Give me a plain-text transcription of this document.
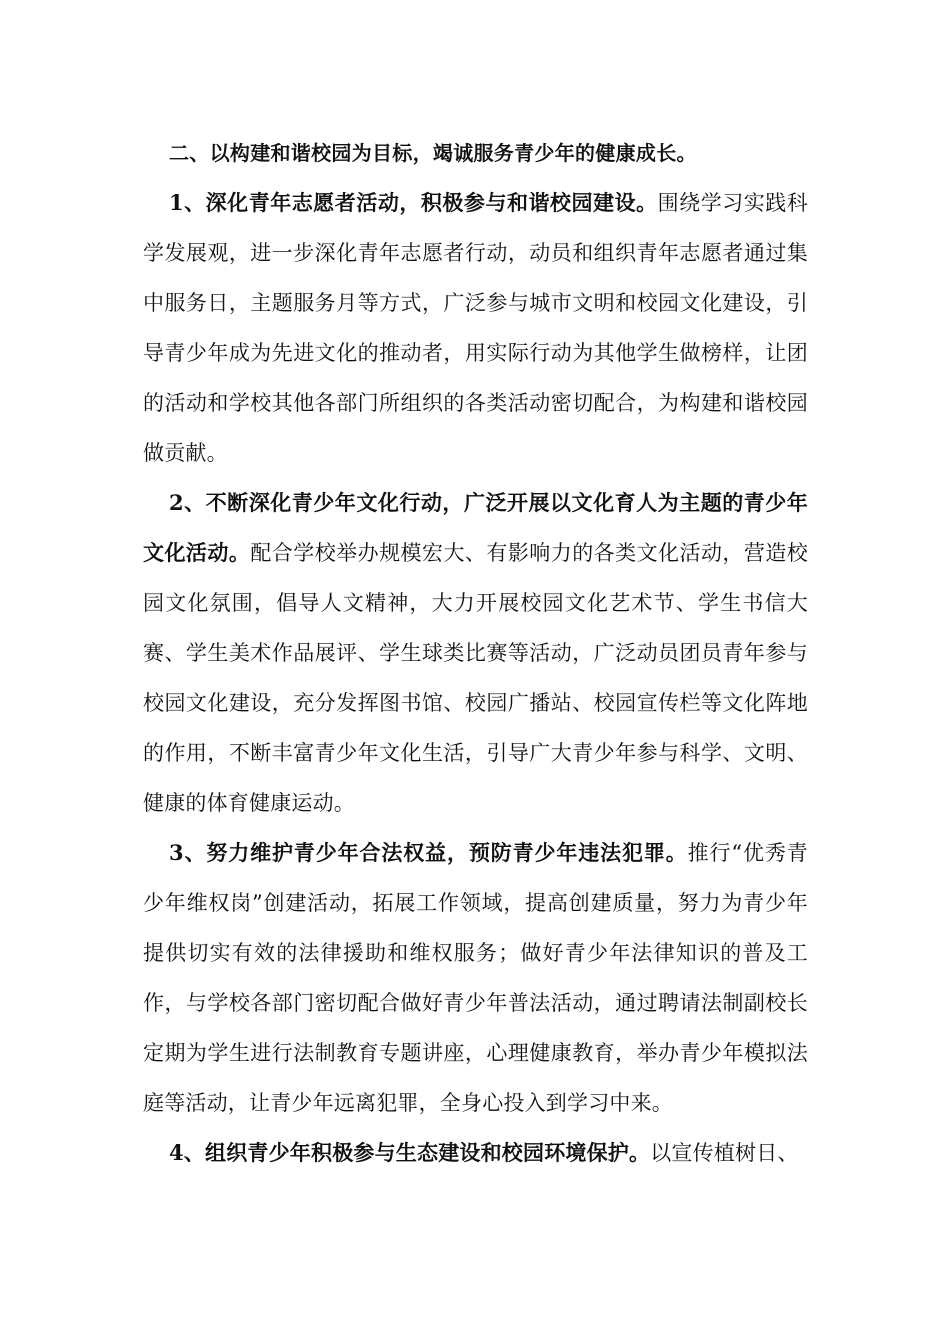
二、以构建和谐校园为目标，竭诚服务青少年的健康成长。

1、深化青年志愿者活动，积极参与和谐校园建设。围绕学习实践科学发展观，进一步深化青年志愿者行动，动员和组织青年志愿者通过集中服务日，主题服务月等方式，广泛参与城市文明和校园文化建设，引导青少年成为先进文化的推动者，用实际行动为其他学生做榜样，让团的活动和学校其他各部门所组织的各类活动密切配合，为构建和谐校园做贡献。

2、不断深化青少年文化行动，广泛开展以文化育人为主题的青少年文化活动。配合学校举办规模宏大、有影响力的各类文化活动，营造校园文化氛围，倡导人文精神，大力开展校园文化艺术节、学生书信大赛、学生美术作品展评、学生球类比赛等活动，广泛动员团员青年参与校园文化建设，充分发挥图书馆、校园广播站、校园宣传栏等文化阵地的作用，不断丰富青少年文化生活，引导广大青少年参与科学、文明、健康的体育健康运动。

3、努力维护青少年合法权益，预防青少年违法犯罪。推行“优秀青少年维权岗”创建活动，拓展工作领域，提高创建质量，努力为青少年提供切实有效的法律援助和维权服务；做好青少年法律知识的普及工作，与学校各部门密切配合做好青少年普法活动，通过聘请法制副校长定期为学生进行法制教育专题讲座，心理健康教育，举办青少年模拟法庭等活动，让青少年远离犯罪，全身心投入到学习中来。

4、组织青少年积极参与生态建设和校园环境保护。以宣传植树日、
